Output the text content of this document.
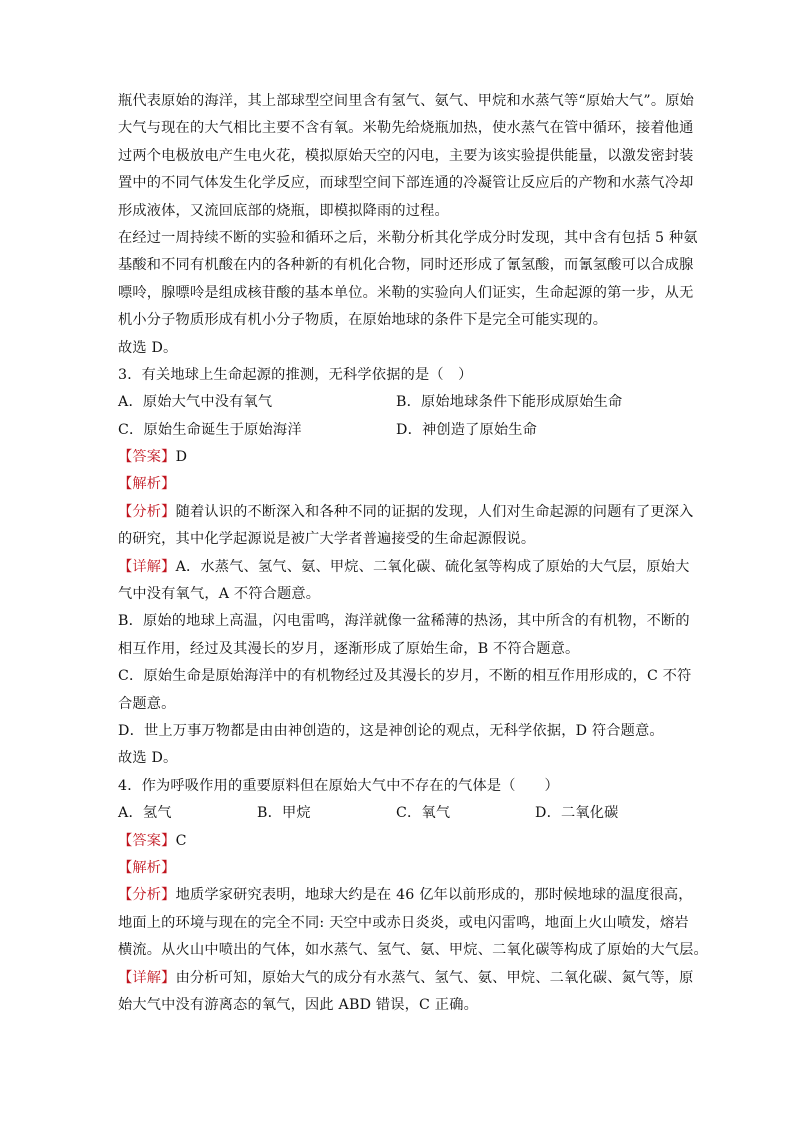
瓶代表原始的海洋，其上部球型空间里含有氢气、氨气、甲烷和水蒸气等“原始大气”。原始
大气与现在的大气相比主要不含有氧。米勒先给烧瓶加热，使水蒸气在管中循环，接着他通
过两个电极放电产生电火花，模拟原始天空的闪电，主要为该实验提供能量，以激发密封装
置中的不同气体发生化学反应，而球型空间下部连通的冷凝管让反应后的产物和水蒸气冷却
形成液体，又流回底部的烧瓶，即模拟降雨的过程。
在经过一周持续不断的实验和循环之后，米勒分析其化学成分时发现，其中含有包括 5 种氨
基酸和不同有机酸在内的各种新的有机化合物，同时还形成了氰氢酸，而氰氢酸可以合成腺
嘌呤，腺嘌呤是组成核苷酸的基本单位。米勒的实验向人们证实，生命起源的第一步，从无
机小分子物质形成有机小分子物质，在原始地球的条件下是完全可能实现的。
故选 D。
3．有关地球上生命起源的推测，无科学依据的是（　）
A．原始大气中没有氧气	B．原始地球条件下能形成原始生命
C．原始生命诞生于原始海洋	D．神创造了原始生命
【答案】D
【解析】
【分析】随着认识的不断深入和各种不同的证据的发现，人们对生命起源的问题有了更深入
的研究，其中化学起源说是被广大学者普遍接受的生命起源假说。
【详解】A．水蒸气、氢气、氨、甲烷、二氧化碳、硫化氢等构成了原始的大气层，原始大
气中没有氧气，A 不符合题意。
B．原始的地球上高温，闪电雷鸣，海洋就像一盆稀薄的热汤，其中所含的有机物，不断的
相互作用，经过及其漫长的岁月，逐渐形成了原始生命，B 不符合题意。
C．原始生命是原始海洋中的有机物经过及其漫长的岁月，不断的相互作用形成的，C 不符
合题意。
D．世上万事万物都是由由神创造的，这是神创论的观点，无科学依据，D 符合题意。
故选 D。
4．作为呼吸作用的重要原料但在原始大气中不存在的气体是（　　）
A．氢气	B．甲烷	C．氧气	D．二氧化碳
【答案】C
【解析】
【分析】地质学家研究表明，地球大约是在 46 亿年以前形成的，那时候地球的温度很高，
地面上的环境与现在的完全不同: 天空中或赤日炎炎，或电闪雷鸣，地面上火山喷发，熔岩
横流。从火山中喷出的气体，如水蒸气、氢气、氨、甲烷、二氧化碳等构成了原始的大气层。
【详解】由分析可知，原始大气的成分有水蒸气、氢气、氨、甲烷、二氧化碳、氮气等，原
始大气中没有游离态的氧气，因此 ABD 错误，C 正确。
